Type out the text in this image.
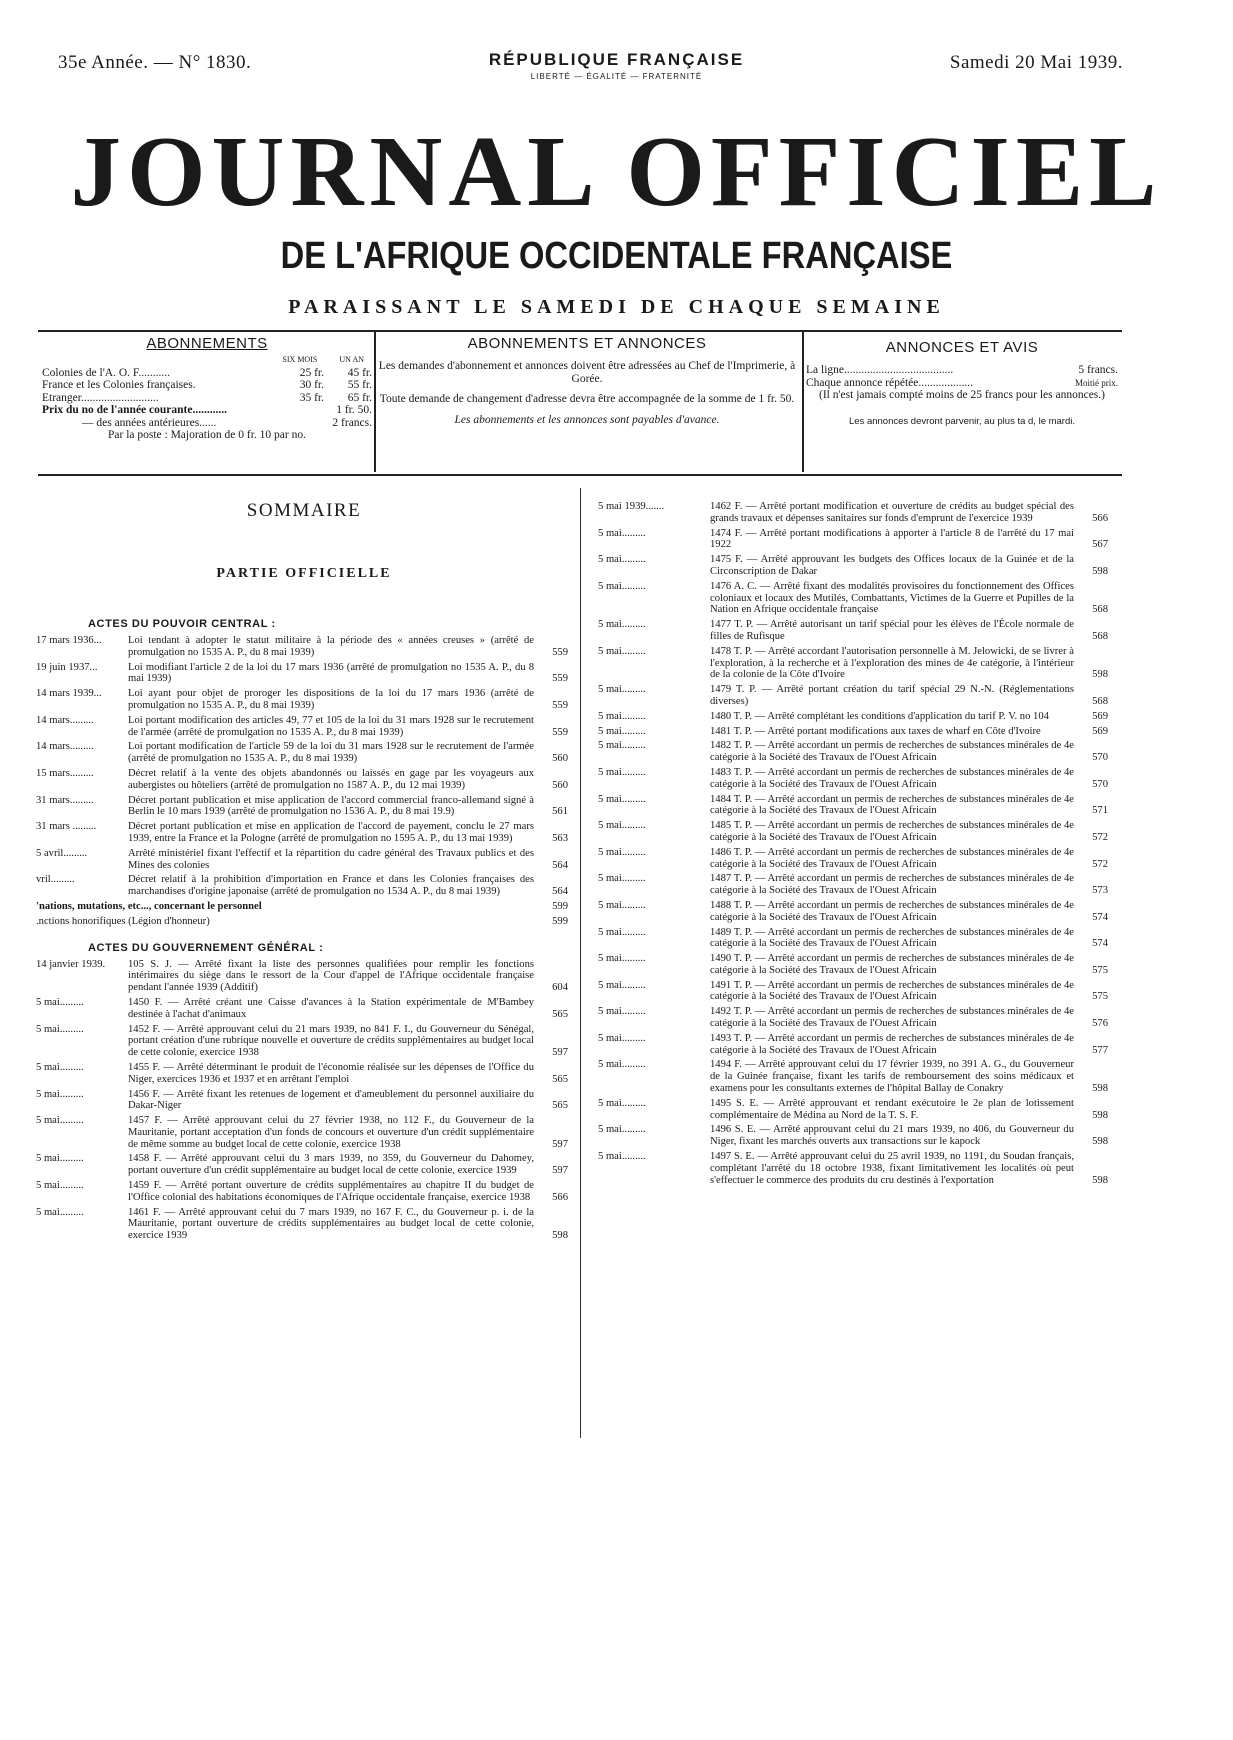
35e Année. — N° 1830.	RÉPUBLIQUE FRANÇAISE
LIBERTÉ — ÉGALITÉ — FRATERNITÉ
Samedi 20 Mai 1939.
JOURNAL OFFICIEL
DE L'AFRIQUE OCCIDENTALE FRANÇAISE
PARAISSANT LE SAMEDI DE CHAQUE SEMAINE
ABONNEMENTS
SIX MOIS	UN AN
Colonies de l'A. O. F...........	25 fr.	45 fr.
France et les Colonies françaises.	30 fr.	55 fr.
Etranger...........................	35 fr.	65 fr.
Prix du no de l'année courante............	1 fr. 50.
— des années antérieures......	2 francs.
Par la poste : Majoration de 0 fr. 10 par no.
ABONNEMENTS ET ANNONCES
Les demandes d'abonnement et annonces doivent être adressées au Chef de l'Imprimerie, à Gorée.
Toute demande de changement d'adresse devra être accompagnée de la somme de 1 fr. 50.
Les abonnements et les annonces sont payables d'avance.
ANNONCES ET AVIS
La ligne......................................	5 francs.
Chaque annonce répétée...................	Moitié prix.
(Il n'est jamais compté moins de 25 francs pour les annonces.)
Les annonces devront parvenir, au plus ta d, le mardi.
SOMMAIRE
PARTIE OFFICIELLE
ACTES DU POUVOIR CENTRAL :
17 mars 1936...	Loi tendant à adopter le statut militaire à la période des « années creuses » (arrêté de promulgation no 1535 A. P., du 8 mai 1939)	559
19 juin 1937...	Loi modifiant l'article 2 de la loi du 17 mars 1936 (arrêté de promulgation no 1535 A. P., du 8 mai 1939)	559
14 mars 1939...	Loi ayant pour objet de proroger les dispositions de la loi du 17 mars 1936 (arrêté de promulgation no 1535 A. P., du 8 mai 1939)	559
14 mars.........	Loi portant modification des articles 49, 77 et 105 de la loi du 31 mars 1928 sur le recrutement de l'armée (arrêté de promulgation no 1535 A. P., du 8 mai 1939)	559
14 mars.........	Loi portant modification de l'article 59 de la loi du 31 mars 1928 sur le recrutement de l'armée (arrêté de promulgation no 1535 A. P., du 8 mai 1939)	560
15 mars.........	Décret relatif à la vente des objets abandonnés ou laissés en gage par les voyageurs aux aubergistes ou hôteliers (arrêté de promulgation no 1587 A. P., du 12 mai 1939)	560
31 mars.........	Décret portant publication et mise application de l'accord commercial franco-allemand signé à Berlin le 10 mars 1939 (arrêté de promulgation no 1536 A. P., du 8 mai 19.9)	561
31 mars .........	Décret portant publication et mise en application de l'accord de payement, conclu le 27 mars 1939, entre la France et la Pologne (arrêté de promulgation no 1595 A. P., du 13 mai 1939)	563
5 avril.........	Arrêté ministériel fixant l'effectif et la répartition du cadre général des Travaux publics et des Mines des colonies	564
vril.........	Décret relatif à la prohibition d'importation en France et dans les Colonies françaises des marchandises d'origine japonaise (arrêté de promulgation no 1534 A. P., du 8 mai 1939)	564
'nations, mutations, etc..., concernant le personnel	599
.nctions honorifiques (Légion d'honneur)	599
ACTES DU GOUVERNEMENT GÉNÉRAL :
14 janvier 1939.	105 S. J. — Arrêté fixant la liste des personnes qualifiées pour remplir les fonctions intérimaires du siège dans le ressort de la Cour d'appel de l'Afrique occidentale française pendant l'année 1939 (Additif)	604
5 mai.........	1450 F. — Arrêté créant une Caisse d'avances à la Station expérimentale de M'Bambey destinée à l'achat d'animaux	565
5 mai.........	1452 F. — Arrêté approuvant celui du 21 mars 1939, no 841 F. I., du Gouverneur du Sénégal, portant création d'une rubrique nouvelle et ouverture de crédits supplémentaires au budget local de cette colonie, exercice 1938	597
5 mai.........	1455 F. — Arrêté déterminant le produit de l'économie réalisée sur les dépenses de l'Office du Niger, exercices 1936 et 1937 et en arrêtant l'emploi	565
5 mai.........	1456 F. — Arrêté fixant les retenues de logement et d'ameublement du personnel auxiliaire du Dakar-Niger	565
5 mai.........	1457 F. — Arrêté approuvant celui du 27 février 1938, no 112 F., du Gouverneur de la Mauritanie, portant acceptation d'un fonds de concours et ouverture d'un crédit supplémentaire de même somme au budget local de cette colonie, exercice 1938	597
5 mai.........	1458 F. — Arrêté approuvant celui du 3 mars 1939, no 359, du Gouverneur du Dahomey, portant ouverture d'un crédit supplémentaire au budget local de cette colonie, exercice 1939	597
5 mai.........	1459 F. — Arrêté portant ouverture de crédits supplémentaires au chapitre II du budget de l'Office colonial des habitations économiques de l'Afrique occidentale française, exercice 1938	566
5 mai.........	1461 F. — Arrêté approuvant celui du 7 mars 1939, no 167 F. C., du Gouverneur p. i. de la Mauritanie, portant ouverture de crédits supplémentaires au budget local de cette colonie, exercice 1939	598
5 mai 1939.......	1462 F. — Arrêté portant modification et ouverture de crédits au budget spécial des grands travaux et dépenses sanitaires sur fonds d'emprunt de l'exercice 1939	566
5 mai.........	1474 F. — Arrêté portant modifications à apporter à l'article 8 de l'arrêté du 17 mai 1922	567
5 mai.........	1475 F. — Arrêté approuvant les budgets des Offices locaux de la Guinée et de la Circonscription de Dakar	598
5 mai.........	1476 A. C. — Arrêté fixant des modalités provisoires du fonctionnement des Offices coloniaux et locaux des Mutilés, Combattants, Victimes de la Guerre et Pupilles de la Nation en Afrique occidentale française	568
5 mai.........	1477 T. P. — Arrêté autorisant un tarif spécial pour les élèves de l'École normale de filles de Rufisque	568
5 mai.........	1478 T. P. — Arrêté accordant l'autorisation personnelle à M. Jelowicki, de se livrer à l'exploration, à la recherche et à l'exploration des mines de 4e catégorie, à l'intérieur de la colonie de la Côte d'Ivoire	598
5 mai.........	1479 T. P. — Arrêté portant création du tarif spécial 29 N.-N. (Réglementations diverses)	568
5 mai.........	1480 T. P. — Arrêté complétant les conditions d'application du tarif P. V. no 104	569
5 mai.........	1481 T. P. — Arrêté portant modifications aux taxes de wharf en Côte d'Ivoire	569
5 mai.........	1482 T. P. — Arrêté accordant un permis de recherches de substances minérales de 4e catégorie à la Société des Travaux de l'Ouest Africain	570
5 mai.........	1483 T. P. — Arrêté accordant un permis de recherches de substances minérales de 4e catégorie à la Société des Travaux de l'Ouest Africain	570
5 mai.........	1484 T. P. — Arrêté accordant un permis de recherches de substances minérales de 4e catégorie à la Société des Travaux de l'Ouest Africain	571
5 mai.........	1485 T. P. — Arrêté accordant un permis de recherches de substances minérales de 4e catégorie à la Société des Travaux de l'Ouest Africain	572
5 mai.........	1486 T. P. — Arrêté accordant un permis de recherches de substances minérales de 4e catégorie à la Société des Travaux de l'Ouest Africain	572
5 mai.........	1487 T. P. — Arrêté accordant un permis de recherches de substances minérales de 4e catégorie à la Société des Travaux de l'Ouest Africain	573
5 mai.........	1488 T. P. — Arrêté accordant un permis de recherches de substances minérales de 4e catégorie à la Société des Travaux de l'Ouest Africain	574
5 mai.........	1489 T. P. — Arrêté accordant un permis de recherches de substances minérales de 4e catégorie à la Société des Travaux de l'Ouest Africain	574
5 mai.........	1490 T. P. — Arrêté accordant un permis de recherches de substances minérales de 4e catégorie à la Société des Travaux de l'Ouest Africain	575
5 mai.........	1491 T. P. — Arrêté accordant un permis de recherches de substances minérales de 4e catégorie à la Société des Travaux de l'Ouest Africain	575
5 mai.........	1492 T. P. — Arrêté accordant un permis de recherches de substances minérales de 4e catégorie à la Société des Travaux de l'Ouest Africain	576
5 mai.........	1493 T. P. — Arrêté accordant un permis de recherches de substances minérales de 4e catégorie à la Société des Travaux de l'Ouest Africain	577
5 mai.........	1494 F. — Arrêté approuvant celui du 17 février 1939, no 391 A. G., du Gouverneur de la Guinée française, fixant les tarifs de remboursement des soins médicaux et examens pour les consultants externes de l'hôpital Ballay de Conakry	598
5 mai.........	1495 S. E. — Arrêté approuvant et rendant exécutoire le 2e plan de lotissement complémentaire de Médina au Nord de la T. S. F.	598
5 mai.........	1496 S. E. — Arrêté approuvant celui du 21 mars 1939, no 406, du Gouverneur du Niger, fixant les marchés ouverts aux transactions sur le kapock	598
5 mai.........	1497 S. E. — Arrêté approuvant celui du 25 avril 1939, no 1191, du Soudan français, complétant l'arrêté du 18 octobre 1938, fixant limitativement les localités où peut s'effectuer le commerce des produits du cru destinés à l'exportation	598
